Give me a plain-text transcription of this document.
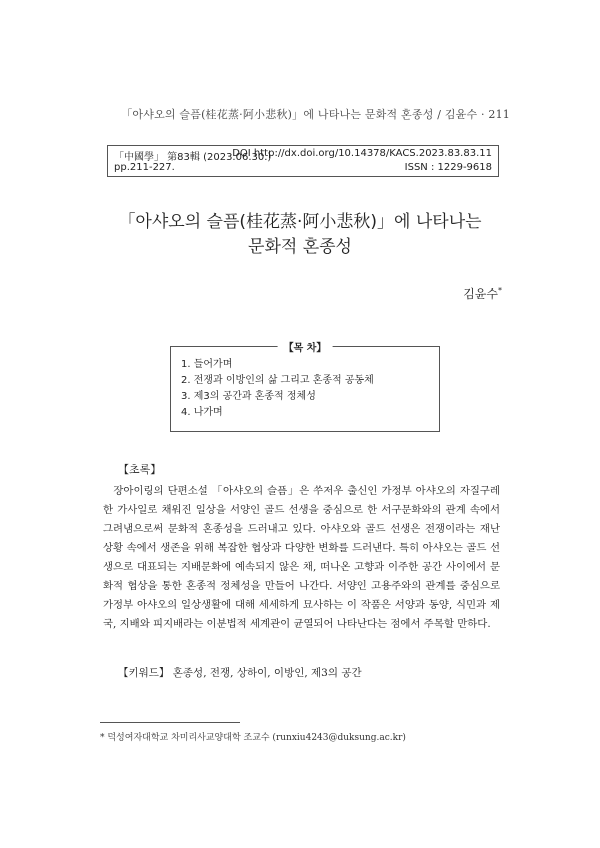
「아샤오의 슬픔(桂花蒸·阿小悲秋)」에 나타나는 문화적 혼종성 / 김윤수 · 211
「中國學」 第83輯 (2023.06.30.)
DOI http://dx.doi.org/10.14378/KACS.2023.83.83.11
pp.211-227.	ISSN : 1229-9618
「아샤오의 슬픔(桂花蒸·阿小悲秋)」에 나타나는
문화적 혼종성
김윤수*
【목 차】
1. 들어가며
2. 전쟁과 이방인의 삶 그리고 혼종적 공동체
3. 제3의 공간과 혼종적 정체성
4. 나가며
【초록】

장아이링의 단편소설 「아샤오의 슬픔」은 쑤저우 출신인 가정부 아샤오의 자질구레한 가사일로 채워진 일상을 서양인 골드 선생을 중심으로 한 서구문화와의 관계 속에서 그려냄으로써 문화적 혼종성을 드러내고 있다. 아샤오와 골드 선생은 전쟁이라는 재난 상황 속에서 생존을 위해 복잡한 협상과 다양한 변화를 드러낸다. 특히 아샤오는 골드 선생으로 대표되는 지배문화에 예속되지 않은 채, 떠나온 고향과 이주한 공간 사이에서 문화적 협상을 통한 혼종적 정체성을 만들어 나간다. 서양인 고용주와의 관계를 중심으로 가정부 아샤오의 일상생활에 대해 세세하게 묘사하는 이 작품은 서양과 동양, 식민과 제국, 지배와 피지배라는 이분법적 세계관이 균열되어 나타난다는 점에서 주목할 만하다.

【키워드】 혼종성, 전쟁, 상하이, 이방인, 제3의 공간
* 덕성여자대학교 차미리사교양대학 조교수 (runxiu4243@duksung.ac.kr)
